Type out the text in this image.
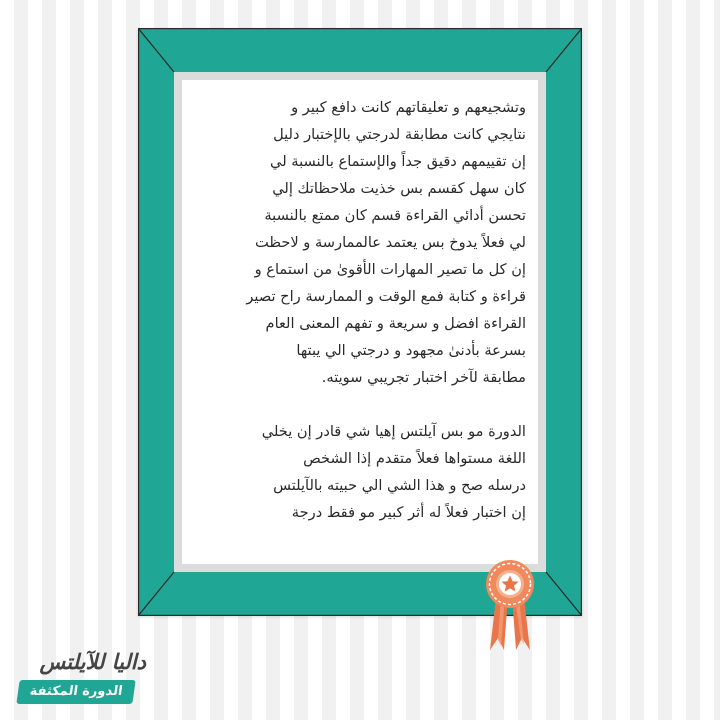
وتشجيعهم و تعليقاتهم كانت دافع كبير و

نتايجي كانت مطابقة لدرجتي بالإختبار دليل

إن تقييمهم دقيق جداً والإستماع بالنسبة لي

كان سهل كقسم بس خذيت ملاحظاتك إلي

تحسن أدائي القراءة قسم كان ممتع بالنسبة

لي فعلاً يدوخ بس يعتمد عالممارسة و لاحظت

إن كل ما تصير المهارات الأقوىٰ من استماع و

قراءة و كتابة فمع الوقت و الممارسة راح تصير

القراءة افضل و سريعة و تفهم المعنى العام

بسرعة بأدنىٰ مجهود و درجتي الي يبتها

مطابقة لآخر اختبار تجريبي سويته.

الدورة مو بس آيلتس إهيا شي قادر إن يخلي

اللغة مستواها فعلاً متقدم إذا الشخص

درسله صح و هذا الشي الي حبيته بالآيلتس

إن اختبار فعلاً له أثر كبير مو فقط درجة

داليا للآيلتس
الدورة المكثفة
